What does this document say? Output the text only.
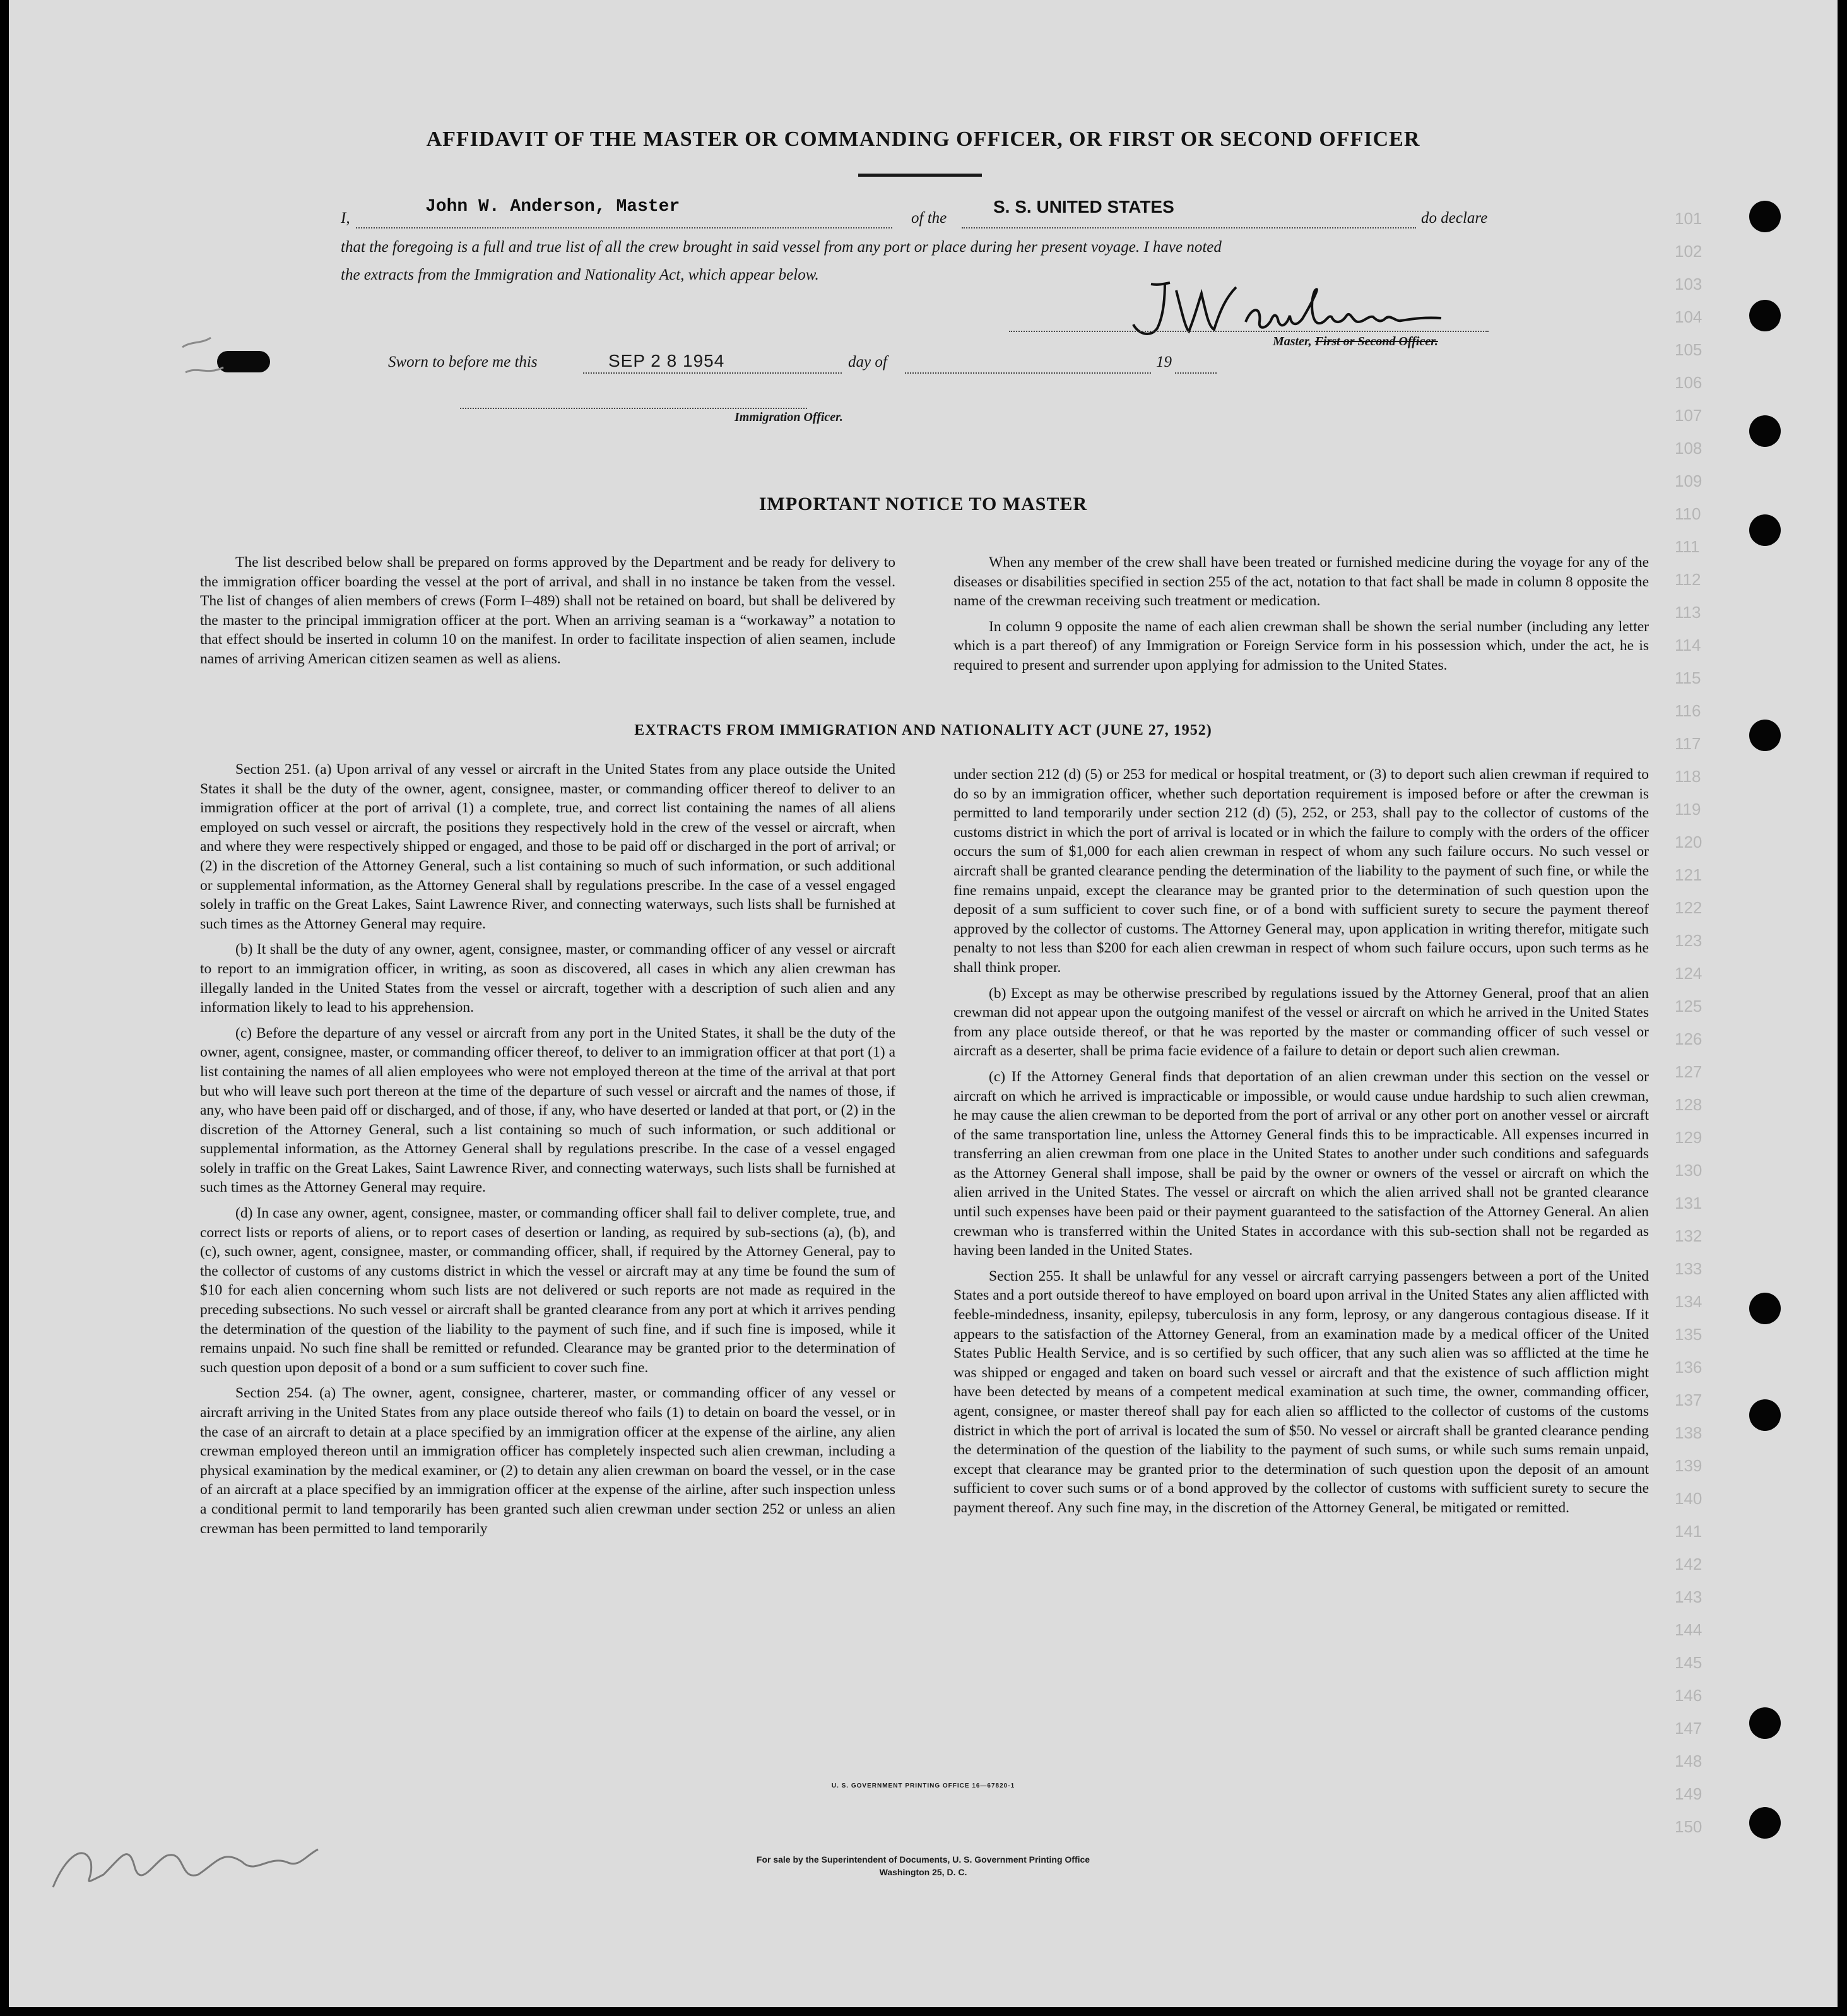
101
102
103
104
105
106
107
108
109
110
111
112
113
114
115
116
117
118
119
120
121
122
123
124
125
126
127
128
129
130
131
132
133
134
135
136
137
138
139
140
141
142
143
144
145
146
147
148
149
150
AFFIDAVIT OF THE MASTER OR COMMANDING OFFICER, OR FIRST OR SECOND OFFICER
I,
John W. Anderson, Master
of the
S. S. UNITED STATES
do declare
that the foregoing is a full and true list of all the crew brought in said vessel from any port or place during her present voyage. I have noted
the extracts from the Immigration and Nationality Act, which appear below.
Master, First or Second Officer.
Sworn to before me this	SEP 2 8 1954	day of	19
Immigration Officer.
IMPORTANT NOTICE TO MASTER

The list described below shall be prepared on forms approved by the Department and be ready for delivery to the immigration officer boarding the vessel at the port of arrival, and shall in no instance be taken from the vessel. The list of changes of alien members of crews (Form I–489) shall not be retained on board, but shall be delivered by the master to the principal immigration officer at the port. When an arriving seaman is a “workaway” a notation to that effect should be inserted in column 10 on the manifest. In order to facilitate inspection of alien seamen, include names of arriving American citizen seamen as well as aliens.

When any member of the crew shall have been treated or furnished medicine during the voyage for any of the diseases or disabilities specified in section 255 of the act, notation to that fact shall be made in column 8 opposite the name of the crewman receiving such treatment or medication.

In column 9 opposite the name of each alien crewman shall be shown the serial number (including any letter which is a part thereof) of any Immigration or Foreign Service form in his possession which, under the act, he is required to present and surrender upon applying for admission to the United States.

EXTRACTS FROM IMMIGRATION AND NATIONALITY ACT (JUNE 27, 1952)

Section 251. (a) Upon arrival of any vessel or aircraft in the United States from any place outside the United States it shall be the duty of the owner, agent, consignee, master, or commanding officer thereof to deliver to an immigration officer at the port of arrival (1) a complete, true, and correct list containing the names of all aliens employed on such vessel or aircraft, the positions they respectively hold in the crew of the vessel or aircraft, when and where they were respectively shipped or engaged, and those to be paid off or discharged in the port of arrival; or (2) in the discretion of the Attorney General, such a list containing so much of such information, or such additional or supplemental information, as the Attorney General shall by regulations prescribe. In the case of a vessel engaged solely in traffic on the Great Lakes, Saint Lawrence River, and connecting waterways, such lists shall be furnished at such times as the Attorney General may require.

(b) It shall be the duty of any owner, agent, consignee, master, or commanding officer of any vessel or aircraft to report to an immigration officer, in writing, as soon as discovered, all cases in which any alien crewman has illegally landed in the United States from the vessel or aircraft, together with a description of such alien and any information likely to lead to his apprehension.

(c) Before the departure of any vessel or aircraft from any port in the United States, it shall be the duty of the owner, agent, consignee, master, or commanding officer thereof, to deliver to an immigration officer at that port (1) a list containing the names of all alien employees who were not employed thereon at the time of the arrival at that port but who will leave such port thereon at the time of the departure of such vessel or aircraft and the names of those, if any, who have been paid off or discharged, and of those, if any, who have deserted or landed at that port, or (2) in the discretion of the Attorney General, such a list containing so much of such information, or such additional or supplemental information, as the Attorney General shall by regulations prescribe. In the case of a vessel engaged solely in traffic on the Great Lakes, Saint Lawrence River, and connecting waterways, such lists shall be furnished at such times as the Attorney General may require.

(d) In case any owner, agent, consignee, master, or commanding officer shall fail to deliver complete, true, and correct lists or reports of aliens, or to report cases of desertion or landing, as required by sub-sections (a), (b), and (c), such owner, agent, consignee, master, or commanding officer, shall, if required by the Attorney General, pay to the collector of customs of any customs district in which the vessel or aircraft may at any time be found the sum of $10 for each alien concerning whom such lists are not delivered or such reports are not made as required in the preceding subsections. No such vessel or aircraft shall be granted clearance from any port at which it arrives pending the determination of the question of the liability to the payment of such fine, and if such fine is imposed, while it remains unpaid. No such fine shall be remitted or refunded. Clearance may be granted prior to the determination of such question upon deposit of a bond or a sum sufficient to cover such fine.

Section 254. (a) The owner, agent, consignee, charterer, master, or commanding officer of any vessel or aircraft arriving in the United States from any place outside thereof who fails (1) to detain on board the vessel, or in the case of an aircraft to detain at a place specified by an immigration officer at the expense of the airline, any alien crewman employed thereon until an immigration officer has completely inspected such alien crewman, including a physical examination by the medical examiner, or (2) to detain any alien crewman on board the vessel, or in the case of an aircraft at a place specified by an immigration officer at the expense of the airline, after such inspection unless a conditional permit to land temporarily has been granted such alien crewman under section 252 or unless an alien crewman has been permitted to land temporarily

under section 212 (d) (5) or 253 for medical or hospital treatment, or (3) to deport such alien crewman if required to do so by an immigration officer, whether such deportation requirement is imposed before or after the crewman is permitted to land temporarily under section 212 (d) (5), 252, or 253, shall pay to the collector of customs of the customs district in which the port of arrival is located or in which the failure to comply with the orders of the officer occurs the sum of $1,000 for each alien crewman in respect of whom any such failure occurs. No such vessel or aircraft shall be granted clearance pending the determination of the liability to the payment of such fine, or while the fine remains unpaid, except the clearance may be granted prior to the determination of such question upon the deposit of a sum sufficient to cover such fine, or of a bond with sufficient surety to secure the payment thereof approved by the collector of customs. The Attorney General may, upon application in writing therefor, mitigate such penalty to not less than $200 for each alien crewman in respect of whom such failure occurs, upon such terms as he shall think proper.

(b) Except as may be otherwise prescribed by regulations issued by the Attorney General, proof that an alien crewman did not appear upon the outgoing manifest of the vessel or aircraft on which he arrived in the United States from any place outside thereof, or that he was reported by the master or commanding officer of such vessel or aircraft as a deserter, shall be prima facie evidence of a failure to detain or deport such alien crewman.

(c) If the Attorney General finds that deportation of an alien crewman under this section on the vessel or aircraft on which he arrived is impracticable or impossible, or would cause undue hardship to such alien crewman, he may cause the alien crewman to be deported from the port of arrival or any other port on another vessel or aircraft of the same transportation line, unless the Attorney General finds this to be impracticable. All expenses incurred in transferring an alien crewman from one place in the United States to another under such conditions and safeguards as the Attorney General shall impose, shall be paid by the owner or owners of the vessel or aircraft on which the alien arrived in the United States. The vessel or aircraft on which the alien arrived shall not be granted clearance until such expenses have been paid or their payment guaranteed to the satisfaction of the Attorney General. An alien crewman who is transferred within the United States in accordance with this sub-section shall not be regarded as having been landed in the United States.

Section 255. It shall be unlawful for any vessel or aircraft carrying passengers between a port of the United States and a port outside thereof to have employed on board upon arrival in the United States any alien afflicted with feeble-mindedness, insanity, epilepsy, tuberculosis in any form, leprosy, or any dangerous contagious disease. If it appears to the satisfaction of the Attorney General, from an examination made by a medical officer of the United States Public Health Service, and is so certified by such officer, that any such alien was so afflicted at the time he was shipped or engaged and taken on board such vessel or aircraft and that the existence of such affliction might have been detected by means of a competent medical examination at such time, the owner, commanding officer, agent, consignee, or master thereof shall pay for each alien so afflicted to the collector of customs of the customs district in which the port of arrival is located the sum of $50. No vessel or aircraft shall be granted clearance pending the determination of the question of the liability to the payment of such sums, or while such sums remain unpaid, except that clearance may be granted prior to the determination of such question upon the deposit of an amount sufficient to cover such sums or of a bond approved by the collector of customs with sufficient surety to secure the payment thereof. Any such fine may, in the discretion of the Attorney General, be mitigated or remitted.

U. S. GOVERNMENT PRINTING OFFICE 16—67820-1
For sale by the Superintendent of Documents, U. S. Government Printing Office
Washington 25, D. C.
